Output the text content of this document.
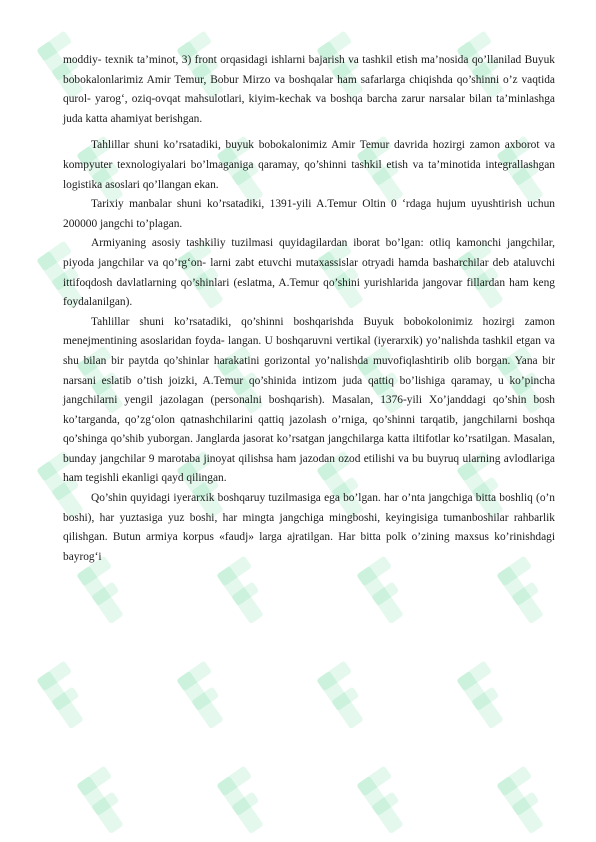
moddiy- texnik ta’minot, 3) front orqasidagi ishlarni bajarish va tashkil etish ma’nosida qo’llanilad Buyuk bobokalonlarimiz Amir Temur, Bobur Mirzo va boshqalar ham safarlarga chiqishda qo’shinni o’z vaqtida qurol- yarog‘, oziq-ovqat mahsulotlari, kiyim-kechak va boshqa barcha zarur narsalar bilan ta’minlashga juda katta ahamiyat berishgan.

Tahlillar shuni ko’rsatadiki, buyuk bobokalonimiz Amir Temur davrida hozirgi zamon axborot va kompyuter texnologiyalari bo’lmaganiga qaramay, qo’shinni tashkil etish va ta’minotida integrallashgan logistika asoslari qo’llangan ekan.

Tarixiy manbalar shuni ko’rsatadiki, 1391-yili A.Temur Oltin 0 ‘rdaga hujum uyushtirish uchun 200000 jangchi to’plagan.

Armiyaning asosiy tashkiliy tuzilmasi quyidagilardan iborat bo’lgan: otliq kamonchi jangchilar, piyoda jangchilar va qo’rg‘on- larni zabt etuvchi mutaxassislar otryadi hamda basharchilar deb ataluvchi ittifoqdosh davlatlarning qo’shinlari (eslatma, A.Temur qo’shini yurishlarida jangovar fillardan ham keng foydalanilgan).

Tahlillar shuni ko’rsatadiki, qo’shinni boshqarishda Buyuk bobokolonimiz hozirgi zamon menejmentining asoslaridan foyda- langan. U boshqaruvni vertikal (iyerarxik) yo’nalishda tashkil etgan va shu bilan bir paytda qo’shinlar harakatini gorizontal yo’nalishda muvofiqlashtirib olib borgan. Yana bir narsani eslatib o’tish joizki, A.Temur qo’shinida intizom juda qattiq bo’lishiga qaramay, u ko’pincha jangchilarni yengil jazolagan (personalni boshqarish). Masalan, 1376-yili Xo’janddagi qo’shin bosh ko’targanda, qo’zg‘olon qatnashchilarini qattiq jazolash o’rniga, qo’shinni tarqatib, jangchilarni boshqa qo’shinga qo’shib yuborgan. Janglarda jasorat ko’rsatgan jangchilarga katta iltifotlar ko’rsatilgan. Masalan, bunday jangchilar 9 marotaba jinoyat qilishsa ham jazodan ozod etilishi va bu buyruq ularning avlodlariga ham tegishli ekanligi qayd qilingan.

Qo’shin quyidagi iyerarxik boshqaruy tuzilmasiga ega bo’lgan. har o’nta jangchiga bitta boshliq (o’n boshi), har yuztasiga yuz boshi, har mingta jangchiga mingboshi, keyingisiga tumanboshilar rahbarlik qilishgan. Butun armiya korpus «faudj» larga ajratilgan. Har bitta polk o’zining maxsus ko’rinishdagi bayrog‘i
